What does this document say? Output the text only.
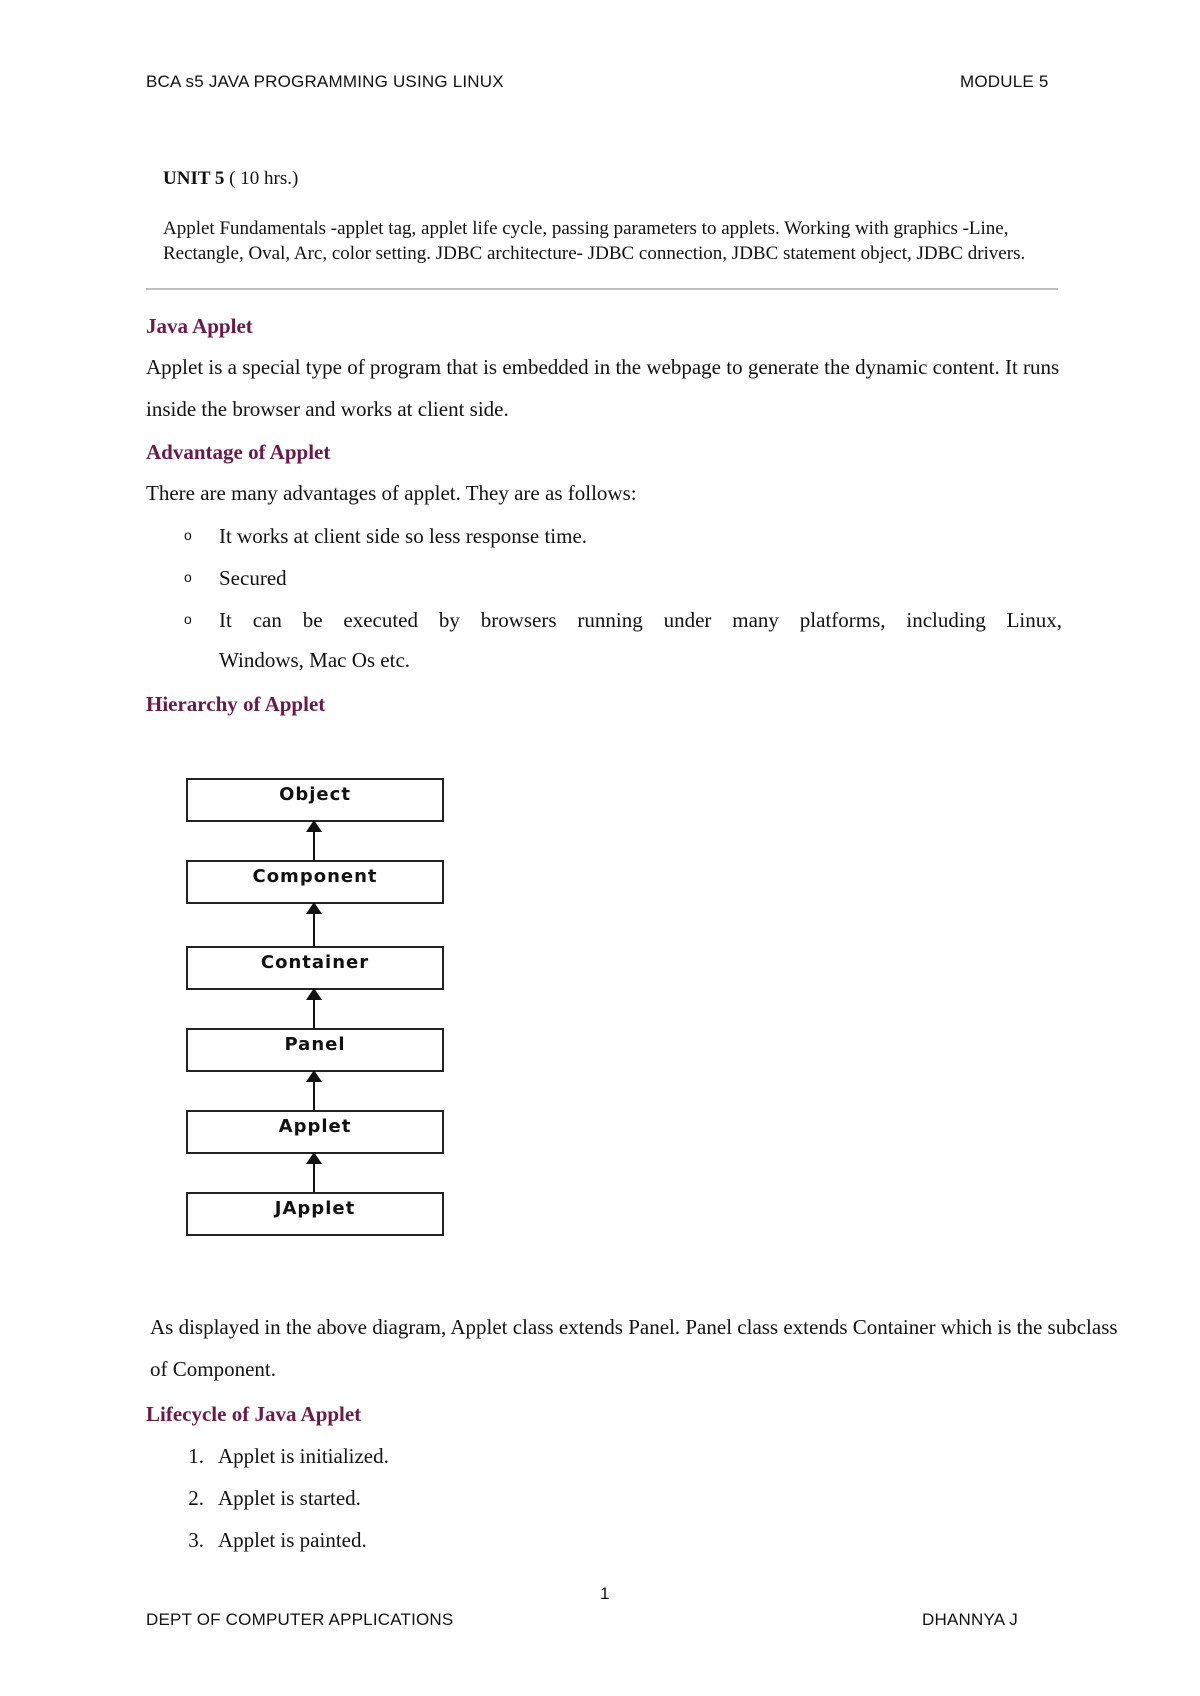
BCA s5 JAVA PROGRAMMING USING LINUX	MODULE 5
UNIT 5 ( 10 hrs.)
Applet Fundamentals -applet tag, applet life cycle, passing parameters to applets. Working with graphics -Line, Rectangle, Oval, Arc, color setting. JDBC architecture- JDBC connection, JDBC statement object, JDBC drivers.
Java Applet
Applet is a special type of program that is embedded in the webpage to generate the dynamic content. It runs inside the browser and works at client side.
Advantage of Applet
There are many advantages of applet. They are as follows:
o It works at client side so less response time.
o Secured
o It can be executed by browsers running under many platforms, including Linux,
Windows, Mac Os etc.
Hierarchy of Applet
Object
Component
Container
Panel
Applet
JApplet
As displayed in the above diagram, Applet class extends Panel. Panel class extends Container which is the subclass of Component.
Lifecycle of Java Applet
1. Applet is initialized.
2. Applet is started.
3. Applet is painted.
1
DEPT OF COMPUTER APPLICATIONS	DHANNYA J
